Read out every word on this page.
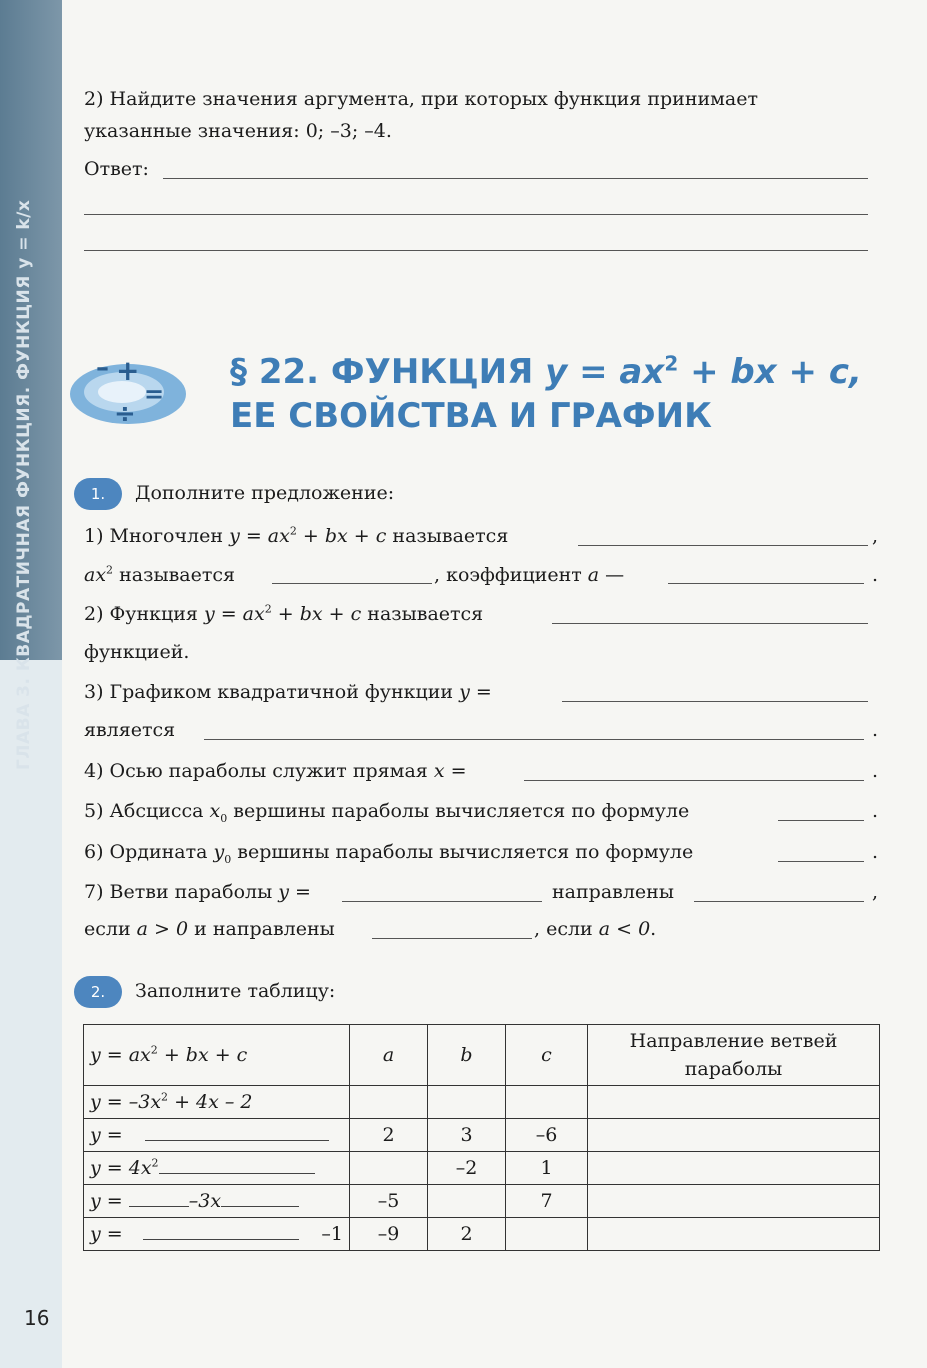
ГЛАВА 3. КВАДРАТИЧНАЯ ФУНКЦИЯ. ФУНКЦИЯ y = k/x
16
2) Найдите значения аргумента, при которых функция принимает
указанные значения: 0; –3; –4.
Ответ:
– +
=
÷
§ 22. ФУНКЦИЯ $y = ax^2$ + bx + c,
ЕЕ СВОЙСТВА И ГРАФИК
1.	Дополните предложение:
1) Многочлен $y = ax^2$ + bx + c называется	,
$ax^2$ называется	, коэффициент a —	.
2) Функция $y = ax^2$ + bx + c называется
функцией.
3) Графиком квадратичной функции y =
является	.
4) Осью параболы служит прямая x =	.
5) Абсцисса $x_0$ вершины параболы вычисляется по формуле	.
6) Ордината $y_0$ вершины параболы вычисляется по формуле	.
7) Ветви параболы y =	направлены	,
если a > 0 и направлены	, если a < 0.
2.	Заполните таблицу:
$y = ax^2$ + bx + c	a	b	c	Направление ветвей параболы
$y = -3x^2 + 4x - 2$				
y =	2	3	–6	
$y = 4x^2$		–2	1	
y = –3x	–5		7	
y = –1	–9	2		
